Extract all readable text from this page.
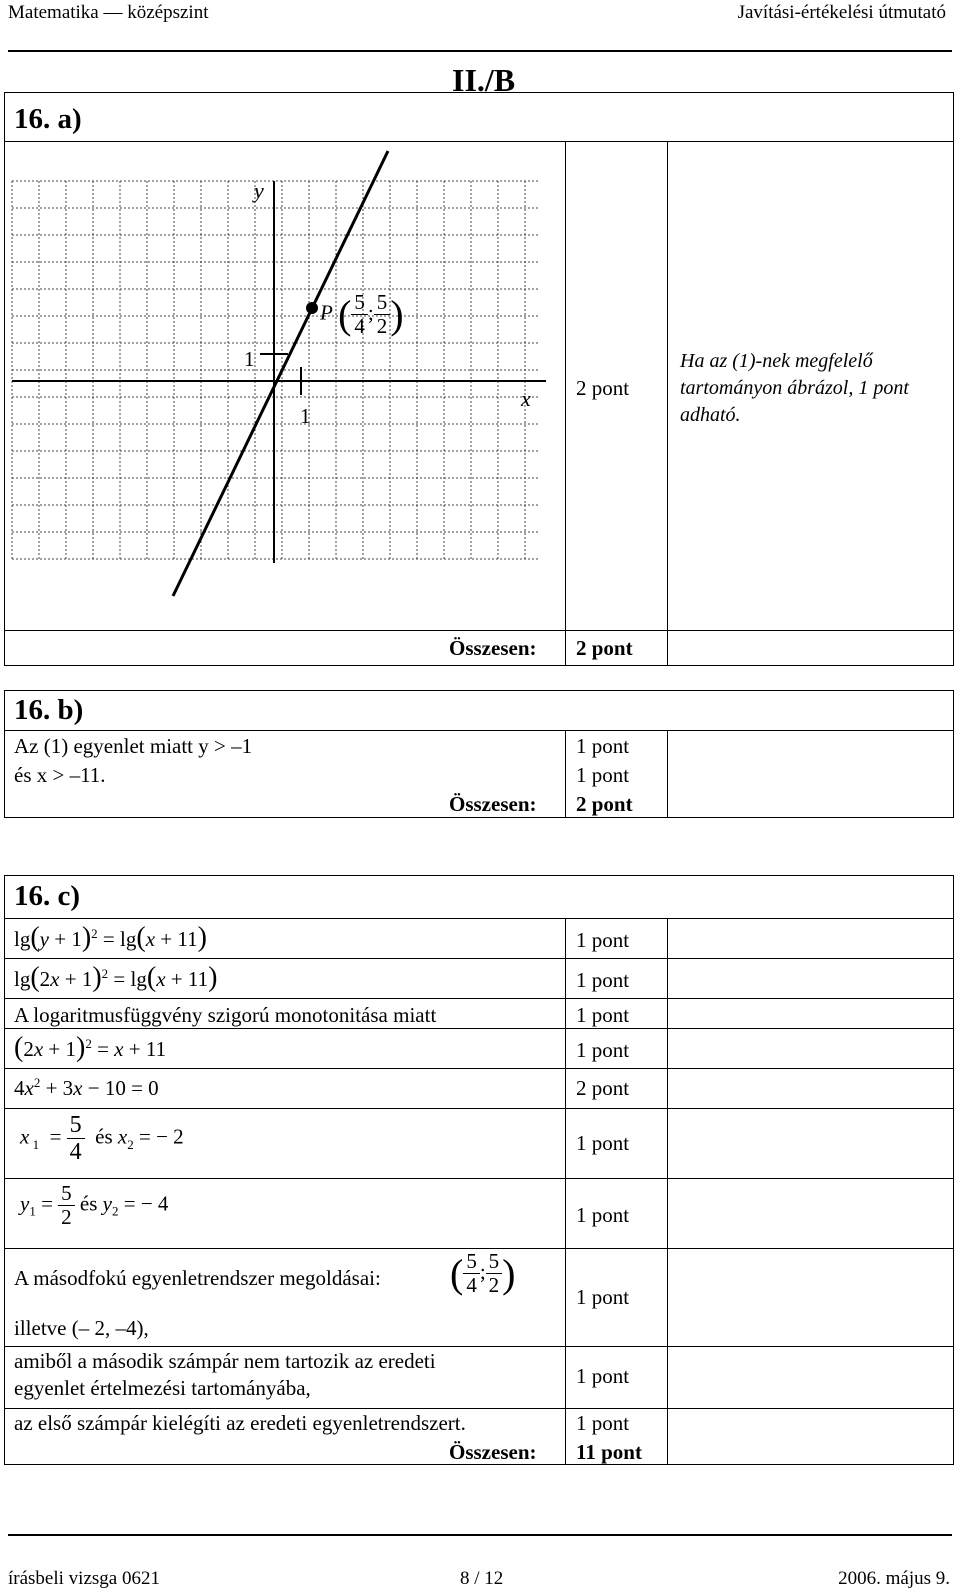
Matematika — középszint	Javítási-értékelési útmutató
II./B
16. a)
y
x
1
1
P ( $\frac{5}{4}$ ; $\frac{5}{2}$ )
2 pont
Ha az (1)-nek megfelelő tartományon ábrázol, 1 pont adható.
Összesen: 2 pont
16. b)
Az (1) egyenlet miatt y > –1
és x > –11.
1 pont
1 pont
Összesen: 2 pont
16. c)
$\lg(y + 1)^2 = \lg(x + 11)$	1 pont
$\lg(2x + 1)^2 = \lg(x + 11)$	1 pont
A logaritmusfüggvény szigorú monotonitása miatt	1 pont
$(2x + 1)^2 = x + 11$	1 pont
$4x^2 + 3x - 10 = 0$	2 pont
x $_1 = \frac{5}{4}$ és $x_2$ = − 2	1 pont
$y_1 = \frac{5}{2}$ és $y_2$ = − 4	1 pont
A másodfokú egyenletrendszer megoldásai: ( $\frac{5}{4}$ ; $\frac{5}{2}$ )
1 pont
illetve (– 2, –4),
amiből a második számpár nem tartozik az eredeti
egyenlet értelmezési tartományába,	1 pont
az első számpár kielégíti az eredeti egyenletrendszert.	1 pont
Összesen: 11 pont
írásbeli vizsga 0621	8 / 12	2006. május 9.
